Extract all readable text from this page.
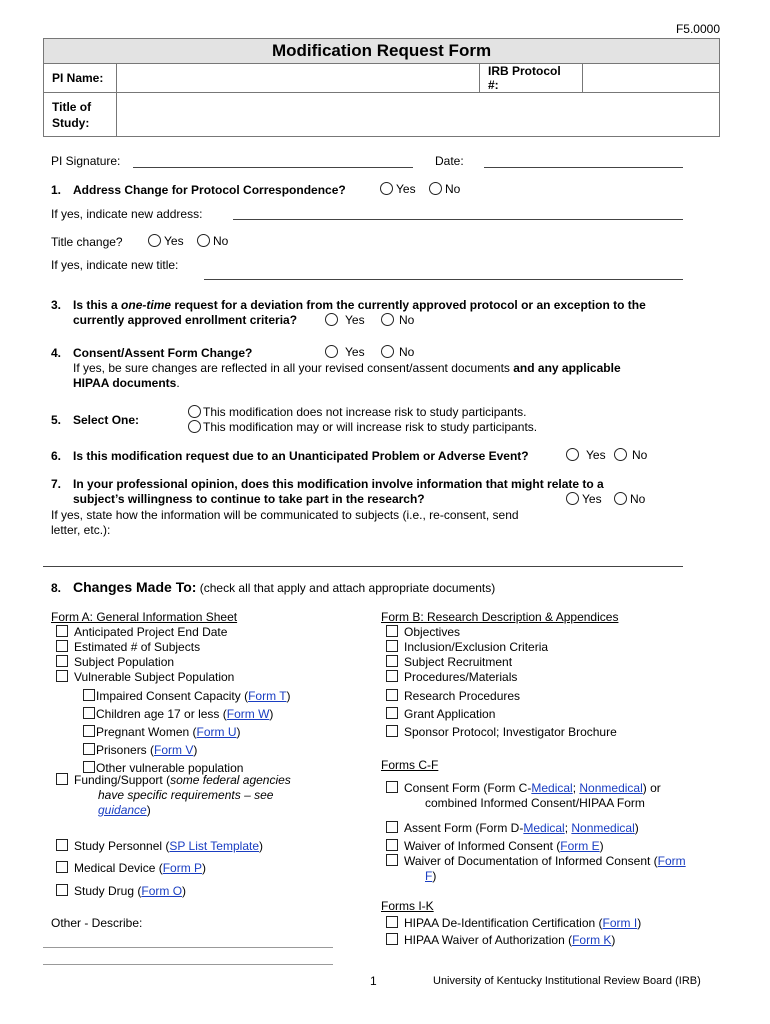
F5.0000
Modification Request Form			
PI Name:		IRB Protocol #:	
Title of
Study:			
PI Signature:	Date:
1. Address Change for Protocol Correspondence?	Yes	No
If yes, indicate new address:
Title change?	Yes	No
If yes, indicate new title:
3. Is this a one-time request for a deviation from the currently approved protocol or an exception to the
currently approved enrollment criteria?	Yes	No
4. Consent/Assent Form Change?	Yes	No
If yes, be sure changes are reflected in all your revised consent/assent documents and any applicable
HIPAA documents.
5. Select One:
This modification does not increase risk to study participants.
This modification may or will increase risk to study participants.
6. Is this modification request due to an Unanticipated Problem or Adverse Event?	Yes	No
7. In your professional opinion, does this modification involve information that might relate to a
subject’s willingness to continue to take part in the research?	Yes	No
If yes, state how the information will be communicated to subjects (i.e., re-consent, send
letter, etc.):
8. Changes Made To: (check all that apply and attach appropriate documents)
Form A: General Information Sheet
Anticipated Project End Date
Estimated # of Subjects
Subject Population
Vulnerable Subject Population
Impaired Consent Capacity (Form T)
Children age 17 or less (Form W)
Pregnant Women (Form U)
Prisoners (Form V)
Other vulnerable population
Funding/Support (some federal agencies
have specific requirements – see
guidance)
Study Personnel (SP List Template)
Medical Device (Form P)
Study Drug (Form O)
Other - Describe:
Form B: Research Description & Appendices
Objectives
Inclusion/Exclusion Criteria
Subject Recruitment
Procedures/Materials
Research Procedures
Grant Application
Sponsor Protocol; Investigator Brochure
Forms C-F
Consent Form (Form C-Medical; Nonmedical) or
combined Informed Consent/HIPAA Form
Assent Form (Form D-Medical; Nonmedical)
Waiver of Informed Consent (Form E)
Waiver of Documentation of Informed Consent (Form
F)
Forms I-K
HIPAA De-Identification Certification (Form I)
HIPAA Waiver of Authorization (Form K)
1	University of Kentucky Institutional Review Board (IRB)
